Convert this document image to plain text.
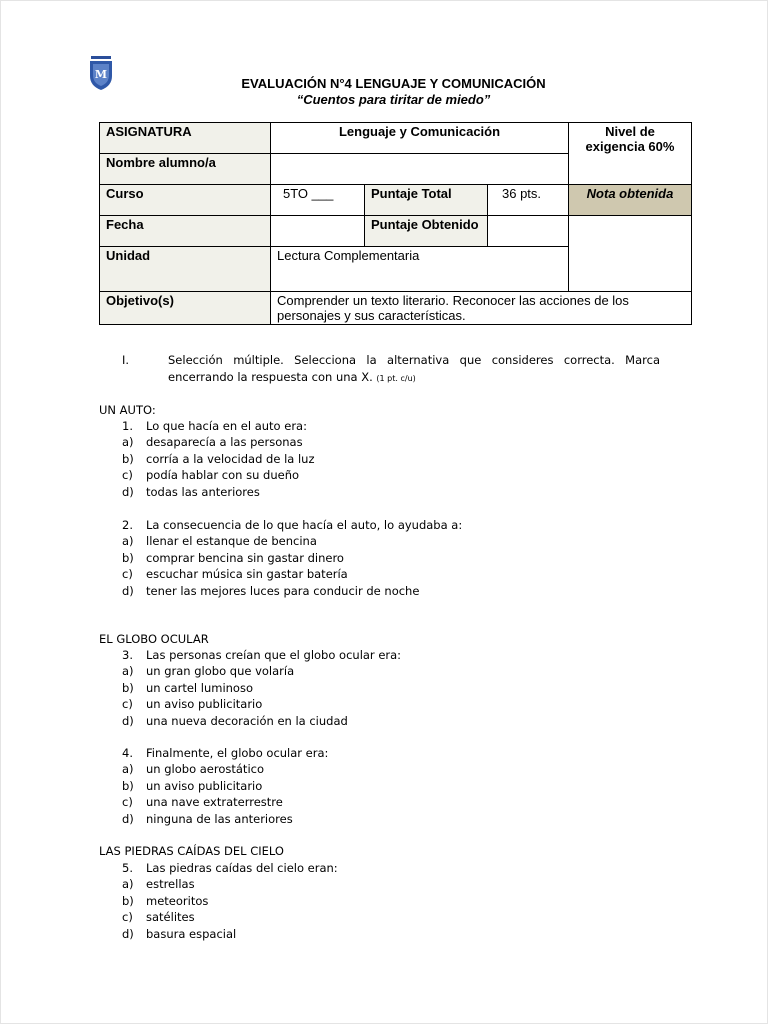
M
EVALUACIÓN N°4 LENGUAJE Y COMUNICACIÓN
“Cuentos para tiritar de miedo”
ASIGNATURA	Lenguaje y Comunicación			Nivel de exigencia 60%
Nombre alumno/a				
Curso	5TO ___	Puntaje Total	36 pts.	Nota obtenida
Fecha		Puntaje Obtenido		
Unidad	Lectura Complementaria			
Objetivo(s)	Comprender un texto literario. Reconocer las acciones de los personajes y sus características.			
I.	Selección múltiple. Selecciona la alternativa que consideres correcta. Marca encerrando la respuesta con una X. (1 pt. c/u)
UN AUTO:
1.	Lo que hacía en el auto era:
a)	desaparecía a las personas
b)	corría a la velocidad de la luz
c)	podía hablar con su dueño
d)	todas las anteriores
2.	La consecuencia de lo que hacía el auto, lo ayudaba a:
a)	llenar el estanque de bencina
b)	comprar bencina sin gastar dinero
c)	escuchar música sin gastar batería
d)	tener las mejores luces para conducir de noche
EL GLOBO OCULAR
3.	Las personas creían que el globo ocular era:
a)	un gran globo que volaría
b)	un cartel luminoso
c)	un aviso publicitario
d)	una nueva decoración en la ciudad
4.	Finalmente, el globo ocular era:
a)	un globo aerostático
b)	un aviso publicitario
c)	una nave extraterrestre
d)	ninguna de las anteriores
LAS PIEDRAS CAÍDAS DEL CIELO
5.	Las piedras caídas del cielo eran:
a)	estrellas
b)	meteoritos
c)	satélites
d)	basura espacial
